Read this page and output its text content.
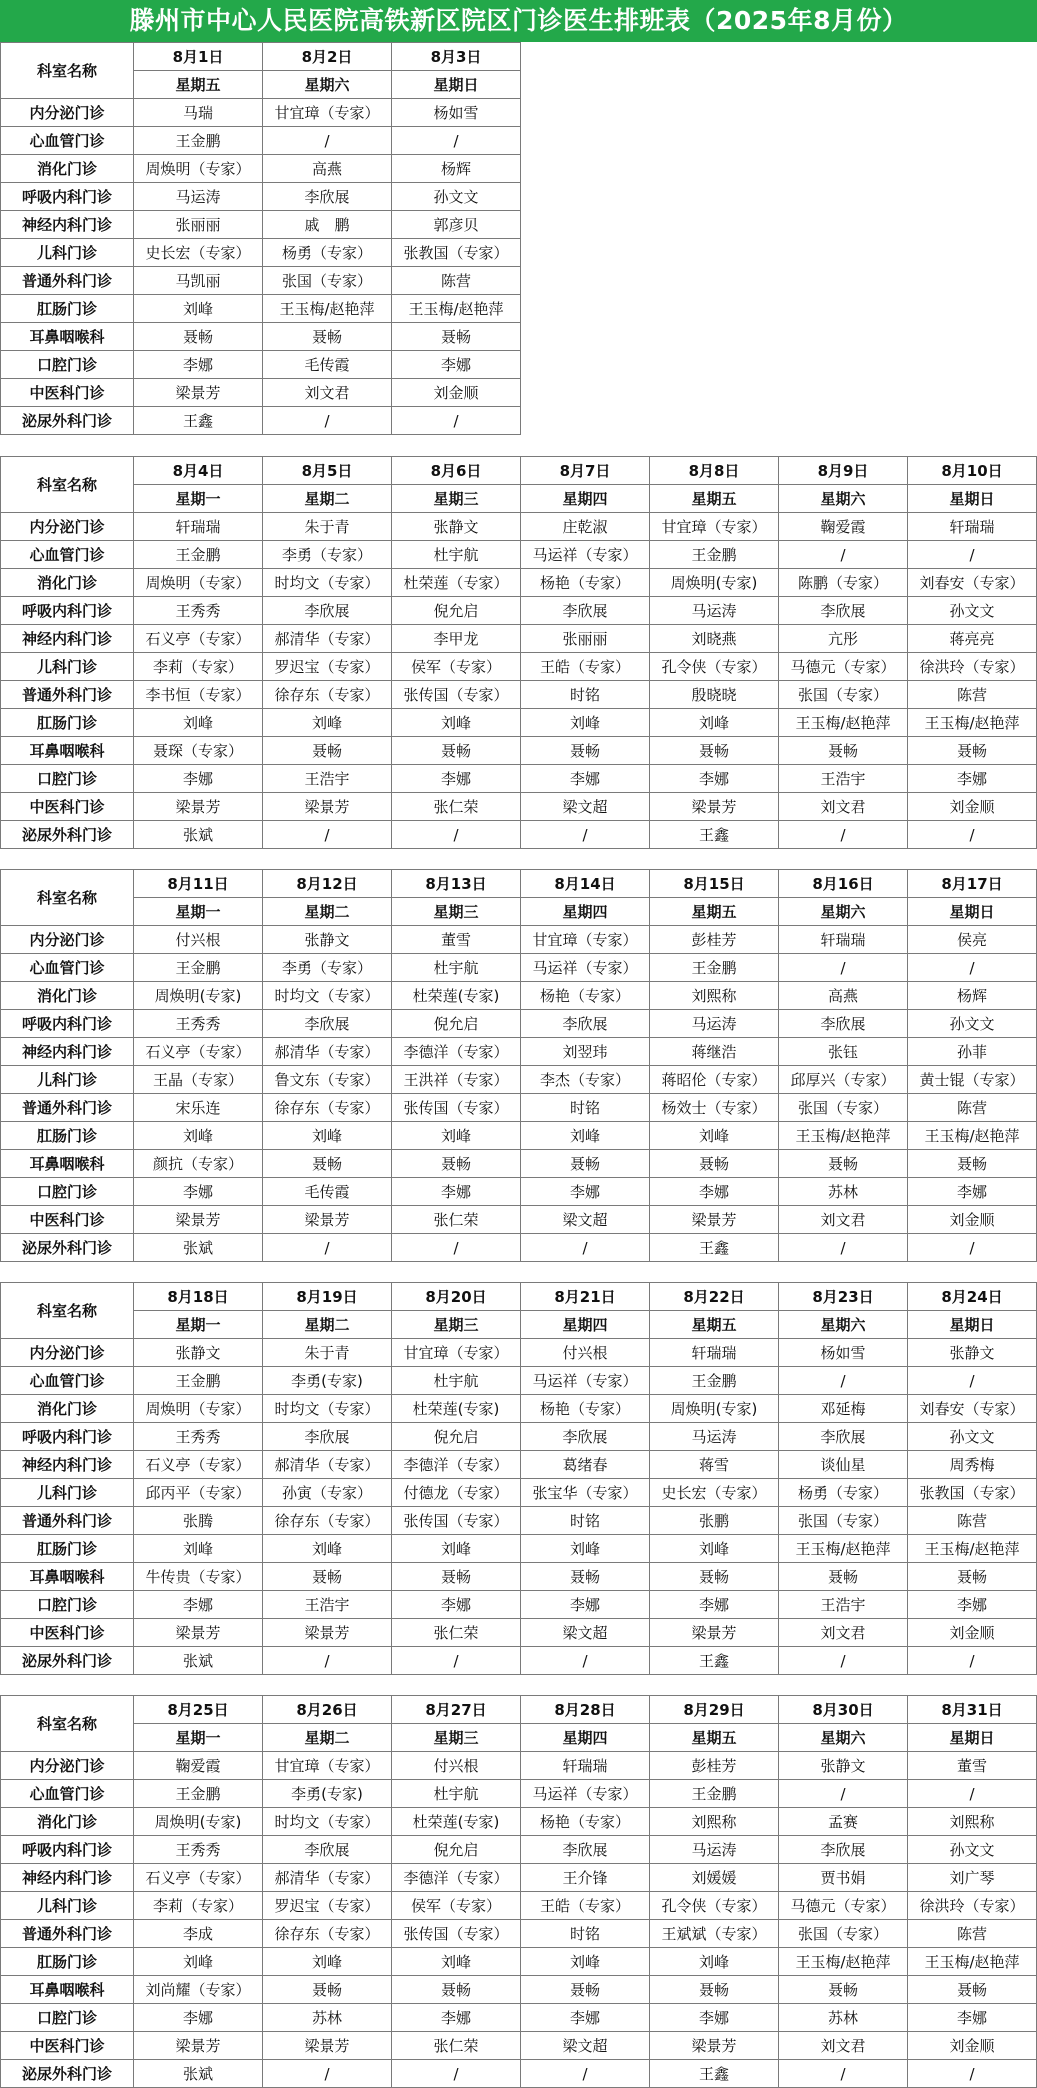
滕州市中心人民医院高铁新区院区门诊医生排班表（2025年8月份）
科室名称	8月1日	8月2日	8月3日				
	星期五	星期六	星期日				
内分泌门诊	马瑞	甘宜璋（专家）	杨如雪				
心血管门诊	王金鹏	/	/				
消化门诊	周焕明（专家）	高燕	杨辉				
呼吸内科门诊	马运涛	李欣展	孙文文				
神经内科门诊	张丽丽	戚　鹏	郭彦贝				
儿科门诊	史长宏（专家）	杨勇（专家）	张教国（专家）				
普通外科门诊	马凯丽	张国（专家）	陈营				
肛肠门诊	刘峰	王玉梅/赵艳萍	王玉梅/赵艳萍				
耳鼻咽喉科	聂畅	聂畅	聂畅				
口腔门诊	李娜	毛传霞	李娜				
中医科门诊	梁景芳	刘文君	刘金顺				
泌尿外科门诊	王鑫	/	/				
科室名称	8月4日	8月5日	8月6日	8月7日	8月8日	8月9日	8月10日
	星期一	星期二	星期三	星期四	星期五	星期六	星期日
内分泌门诊	轩瑞瑞	朱于青	张静文	庄乾淑	甘宜璋（专家）	鞠爱霞	轩瑞瑞
心血管门诊	王金鹏	李勇（专家）	杜宇航	马运祥（专家）	王金鹏	/	/
消化门诊	周焕明（专家）	时均文（专家）	杜荣莲（专家）	杨艳（专家）	周焕明(专家)	陈鹏（专家）	刘春安（专家）
呼吸内科门诊	王秀秀	李欣展	倪允启	李欣展	马运涛	李欣展	孙文文
神经内科门诊	石义亭（专家）	郝清华（专家）	李甲龙	张丽丽	刘晓燕	亢彤	蒋亮亮
儿科门诊	李莉（专家）	罗迟宝（专家）	侯军（专家）	王皓（专家）	孔令侠（专家）	马德元（专家）	徐洪玲（专家）
普通外科门诊	李书恒（专家）	徐存东（专家）	张传国（专家）	时铭	殷晓晓	张国（专家）	陈营
肛肠门诊	刘峰	刘峰	刘峰	刘峰	刘峰	王玉梅/赵艳萍	王玉梅/赵艳萍
耳鼻咽喉科	聂琛（专家）	聂畅	聂畅	聂畅	聂畅	聂畅	聂畅
口腔门诊	李娜	王浩宇	李娜	李娜	李娜	王浩宇	李娜
中医科门诊	梁景芳	梁景芳	张仁荣	梁文超	梁景芳	刘文君	刘金顺
泌尿外科门诊	张斌	/	/	/	王鑫	/	/
科室名称	8月11日	8月12日	8月13日	8月14日	8月15日	8月16日	8月17日
	星期一	星期二	星期三	星期四	星期五	星期六	星期日
内分泌门诊	付兴根	张静文	董雪	甘宜璋（专家）	彭桂芳	轩瑞瑞	侯亮
心血管门诊	王金鹏	李勇（专家）	杜宇航	马运祥（专家）	王金鹏	/	/
消化门诊	周焕明(专家)	时均文（专家）	杜荣莲(专家)	杨艳（专家）	刘熙称	高燕	杨辉
呼吸内科门诊	王秀秀	李欣展	倪允启	李欣展	马运涛	李欣展	孙文文
神经内科门诊	石义亭（专家）	郝清华（专家）	李德洋（专家）	刘翌玮	蒋继浩	张钰	孙菲
儿科门诊	王晶（专家）	鲁文东（专家）	王洪祥（专家）	李杰（专家）	蒋昭伦（专家）	邱厚兴（专家）	黄士锟（专家）
普通外科门诊	宋乐连	徐存东（专家）	张传国（专家）	时铭	杨效士（专家）	张国（专家）	陈营
肛肠门诊	刘峰	刘峰	刘峰	刘峰	刘峰	王玉梅/赵艳萍	王玉梅/赵艳萍
耳鼻咽喉科	颜抗（专家）	聂畅	聂畅	聂畅	聂畅	聂畅	聂畅
口腔门诊	李娜	毛传霞	李娜	李娜	李娜	苏林	李娜
中医科门诊	梁景芳	梁景芳	张仁荣	梁文超	梁景芳	刘文君	刘金顺
泌尿外科门诊	张斌	/	/	/	王鑫	/	/
科室名称	8月18日	8月19日	8月20日	8月21日	8月22日	8月23日	8月24日
	星期一	星期二	星期三	星期四	星期五	星期六	星期日
内分泌门诊	张静文	朱于青	甘宜璋（专家）	付兴根	轩瑞瑞	杨如雪	张静文
心血管门诊	王金鹏	李勇(专家)	杜宇航	马运祥（专家）	王金鹏	/	/
消化门诊	周焕明（专家）	时均文（专家）	杜荣莲(专家)	杨艳（专家）	周焕明(专家)	邓延梅	刘春安（专家）
呼吸内科门诊	王秀秀	李欣展	倪允启	李欣展	马运涛	李欣展	孙文文
神经内科门诊	石义亭（专家）	郝清华（专家）	李德洋（专家）	葛绪春	蒋雪	谈仙星	周秀梅
儿科门诊	邱丙平（专家）	孙寅（专家）	付德龙（专家）	张宝华（专家）	史长宏（专家）	杨勇（专家）	张教国（专家）
普通外科门诊	张腾	徐存东（专家）	张传国（专家）	时铭	张鹏	张国（专家）	陈营
肛肠门诊	刘峰	刘峰	刘峰	刘峰	刘峰	王玉梅/赵艳萍	王玉梅/赵艳萍
耳鼻咽喉科	牛传贵（专家）	聂畅	聂畅	聂畅	聂畅	聂畅	聂畅
口腔门诊	李娜	王浩宇	李娜	李娜	李娜	王浩宇	李娜
中医科门诊	梁景芳	梁景芳	张仁荣	梁文超	梁景芳	刘文君	刘金顺
泌尿外科门诊	张斌	/	/	/	王鑫	/	/
科室名称	8月25日	8月26日	8月27日	8月28日	8月29日	8月30日	8月31日
	星期一	星期二	星期三	星期四	星期五	星期六	星期日
内分泌门诊	鞠爱霞	甘宜璋（专家）	付兴根	轩瑞瑞	彭桂芳	张静文	董雪
心血管门诊	王金鹏	李勇(专家)	杜宇航	马运祥（专家）	王金鹏	/	/
消化门诊	周焕明(专家)	时均文（专家）	杜荣莲(专家)	杨艳（专家）	刘熙称	孟赛	刘熙称
呼吸内科门诊	王秀秀	李欣展	倪允启	李欣展	马运涛	李欣展	孙文文
神经内科门诊	石义亭（专家）	郝清华（专家）	李德洋（专家）	王介锋	刘媛媛	贾书娟	刘广琴
儿科门诊	李莉（专家）	罗迟宝（专家）	侯军（专家）	王皓（专家）	孔令侠（专家）	马德元（专家）	徐洪玲（专家）
普通外科门诊	李成	徐存东（专家）	张传国（专家）	时铭	王斌斌（专家）	张国（专家）	陈营
肛肠门诊	刘峰	刘峰	刘峰	刘峰	刘峰	王玉梅/赵艳萍	王玉梅/赵艳萍
耳鼻咽喉科	刘尚耀（专家）	聂畅	聂畅	聂畅	聂畅	聂畅	聂畅
口腔门诊	李娜	苏林	李娜	李娜	李娜	苏林	李娜
中医科门诊	梁景芳	梁景芳	张仁荣	梁文超	梁景芳	刘文君	刘金顺
泌尿外科门诊	张斌	/	/	/	王鑫	/	/
